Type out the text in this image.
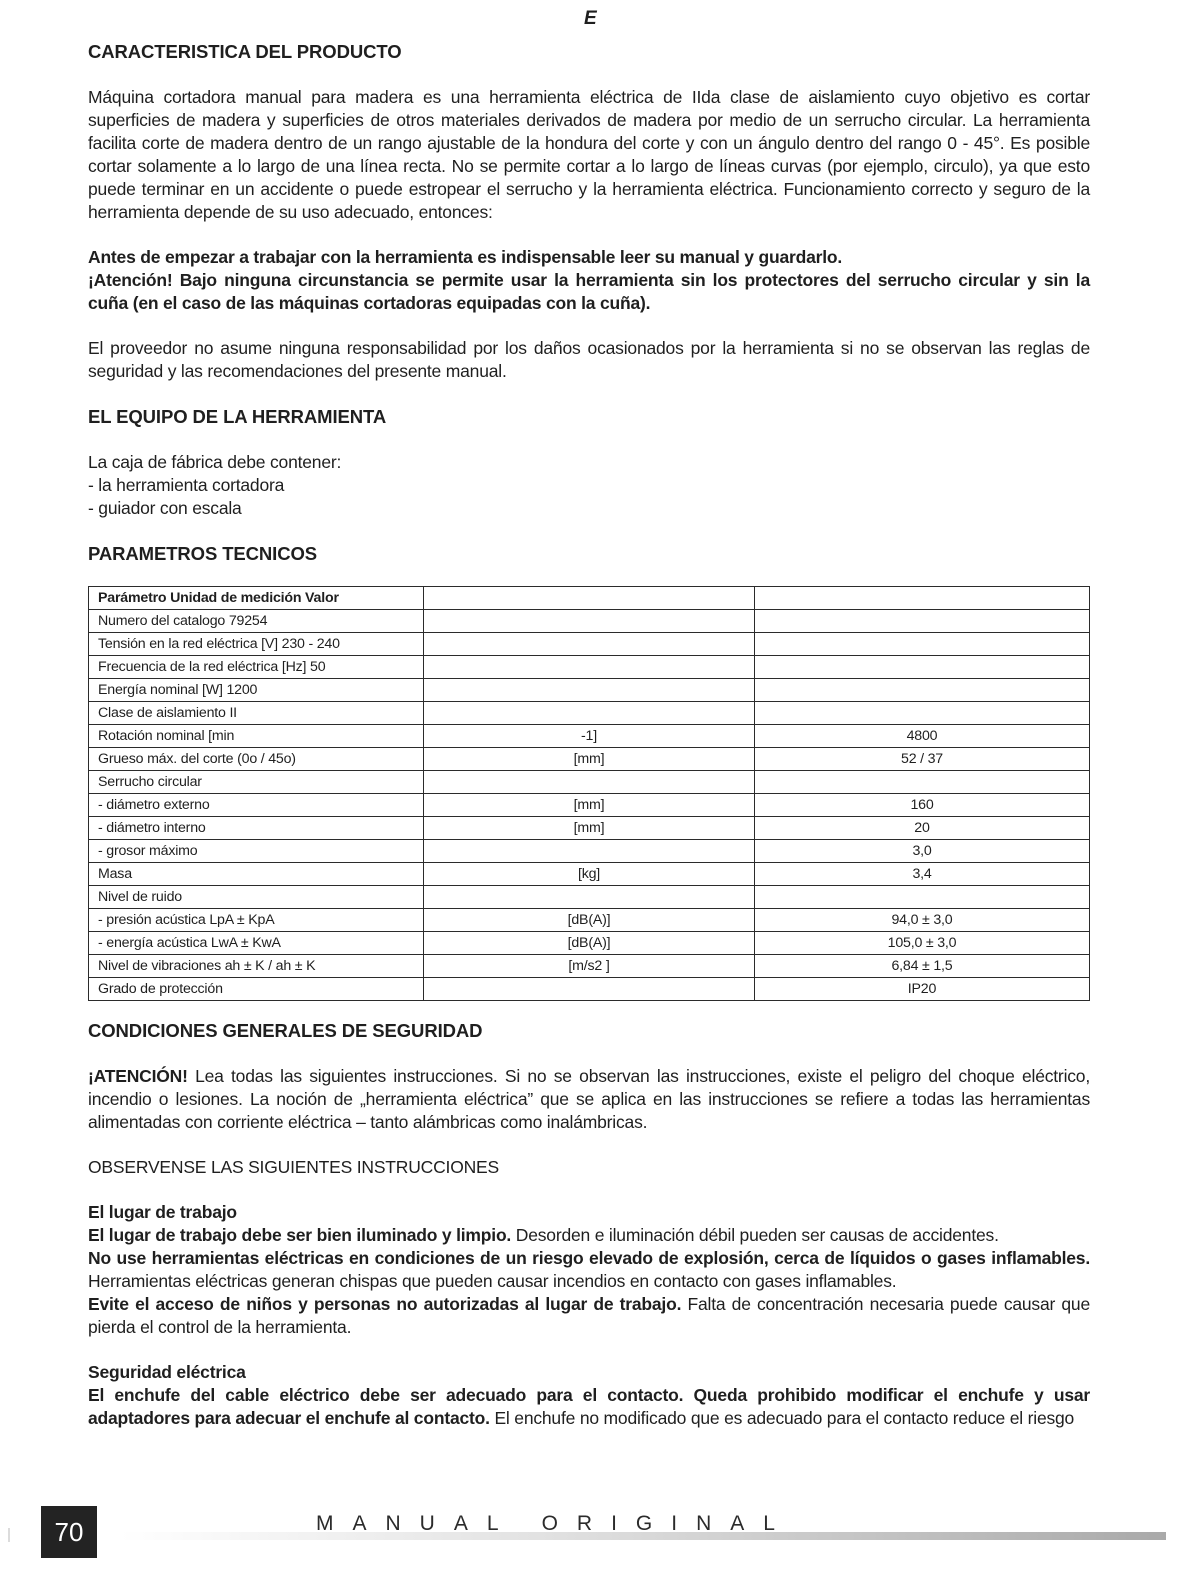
E
CARACTERISTICA DEL PRODUCTO

Máquina cortadora manual para madera es una herramienta eléctrica de IIda clase de aislamiento cuyo objetivo es cortar superficies de madera y superficies de otros materiales derivados de madera por medio de un serrucho circular. La herramienta facilita corte de madera dentro de un rango ajustable de la hondura del corte y con un ángulo dentro del rango 0 - 45°. Es posible cortar solamente a lo largo de una línea recta. No se permite cortar a lo largo de líneas curvas (por ejemplo, circulo), ya que esto puede terminar en un accidente o puede estropear el serrucho y la herramienta eléctrica. Funcionamiento correcto y seguro de la herramienta depende de su uso adecuado, entonces:

Antes de empezar a trabajar con la herramienta es indispensable leer su manual y guardarlo.

¡Atención! Bajo ninguna circunstancia se permite usar la herramienta sin los protectores del serrucho circular y sin la cuña (en el caso de las máquinas cortadoras equipadas con la cuña).

El proveedor no asume ninguna responsabilidad por los daños ocasionados por la herramienta si no se observan las reglas de seguridad y las recomendaciones del presente manual.

EL EQUIPO DE LA HERRAMIENTA

La caja de fábrica debe contener:

- la herramienta cortadora

- guiador con escala

PARAMETROS TECNICOS
Parámetro Unidad de medición Valor		
Numero del catalogo 79254		
Tensión en la red eléctrica [V] 230 - 240		
Frecuencia de la red eléctrica [Hz] 50		
Energía nominal [W] 1200		
Clase de aislamiento II		
Rotación nominal [min	-1]	4800
Grueso máx. del corte (0o / 45o)	[mm]	52 / 37
Serrucho circular		
- diámetro externo	[mm]	160
- diámetro interno	[mm]	20
- grosor máximo		3,0
Masa	[kg]	3,4
Nivel de ruido		
- presión acústica LpA ± KpA	[dB(A)]	94,0 ± 3,0
- energía acústica LwA ± KwA	[dB(A)]	105,0 ± 3,0
Nivel de vibraciones ah ± K / ah ± K	[m/s2 ]	6,84 ± 1,5
Grado de protección		IP20
CONDICIONES GENERALES DE SEGURIDAD

¡ATENCIÓN! Lea todas las siguientes instrucciones. Si no se observan las instrucciones, existe el peligro del choque eléctrico, incendio o lesiones. La noción de „herramienta eléctrica” que se aplica en las instrucciones se refiere a todas las herramientas alimentadas con corriente eléctrica – tanto alámbricas como inalámbricas.

OBSERVENSE LAS SIGUIENTES INSTRUCCIONES

El lugar de trabajo

El lugar de trabajo debe ser bien iluminado y limpio. Desorden e iluminación débil pueden ser causas de accidentes.

No use herramientas eléctricas en condiciones de un riesgo elevado de explosión, cerca de líquidos o gases inflamables. Herramientas eléctricas generan chispas que pueden causar incendios en contacto con gases inflamables.

Evite el acceso de niños y personas no autorizadas al lugar de trabajo. Falta de concentración necesaria puede causar que pierda el control de la herramienta.

Seguridad eléctrica

El enchufe del cable eléctrico debe ser adecuado para el contacto. Queda prohibido modificar el enchufe y usar adaptadores para adecuar el enchufe al contacto. El enchufe no modificado que es adecuado para el contacto reduce el riesgo

70	MANUAL ORIGINAL
